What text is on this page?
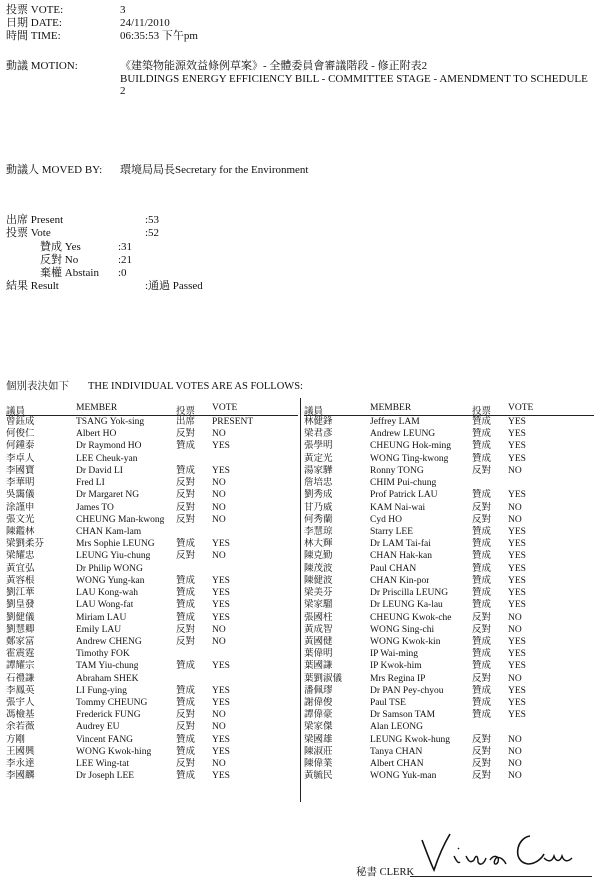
投票 VOTE:	3
日期 DATE:	24/11/2010
時間 TIME:	06:35:53 下午pm
動議 MOTION:	《建築物能源效益條例草案》- 全體委員會審議階段 - 修正附表2
BUILDINGS ENERGY EFFICIENCY BILL - COMMITTEE STAGE - AMENDMENT TO SCHEDULE 2
動議人 MOVED BY: 環境局局長Secretary for the Environment
出席 Present	:53
投票 Vote	:52
贊成 Yes	:31
反對 No	:21
棄權 Abstain :0
結果 Result	:通過 Passed
個別表決如下 THE INDIVIDUAL VOTES ARE AS FOLLOWS:
議員	MEMBER	投票 VOTE
曾鈺成	TSANG Yok-sing	出席 PRESENT
何俊仁	Albert HO	反對 NO
何鍾泰	Dr Raymond HO	贊成 YES
李卓人	LEE Cheuk-yan
李國寶	Dr David LI	贊成 YES
李華明	Fred LI	反對 NO
吳靄儀	Dr Margaret NG	反對 NO
涂謹申	James TO	反對 NO
張文光	CHEUNG Man-kwong 反對 NO
陳鑑林	CHAN Kam-lam
梁劉柔芬	Mrs Sophie LEUNG 贊成 YES
梁耀忠	LEUNG Yiu-chung	反對 NO
黃宜弘	Dr Philip WONG
黃容根	WONG Yung-kan	贊成 YES
劉江華	LAU Kong-wah	贊成 YES
劉皇發	LAU Wong-fat	贊成 YES
劉健儀	Miriam LAU	贊成 YES
劉慧卿	Emily LAU	反對 NO
鄭家富	Andrew CHENG	反對 NO
霍震霆	Timothy FOK
譚耀宗	TAM Yiu-chung	贊成 YES
石禮謙	Abraham SHEK
李鳳英	LI Fung-ying	贊成 YES
張宇人	Tommy CHEUNG	贊成 YES
馮檢基	Frederick FUNG	反對 NO
余若薇	Audrey EU	反對 NO
方剛	Vincent FANG	贊成 YES
王國興	WONG Kwok-hing	贊成 YES
李永達	LEE Wing-tat	反對 NO
李國麟	Dr Joseph LEE	贊成 YES
議員	MEMBER	投票 VOTE
林健鋒	Jeffrey LAM	贊成 YES
梁君彥	Andrew LEUNG	贊成 YES
張學明	CHEUNG Hok-ming 贊成 YES
黃定光	WONG Ting-kwong 贊成 YES
湯家驊	Ronny TONG	反對 NO
詹培忠	CHIM Pui-chung
劉秀成	Prof Patrick LAU	贊成 YES
甘乃威	KAM Nai-wai	反對 NO
何秀蘭	Cyd HO	反對 NO
李慧琼	Starry LEE	贊成 YES
林大輝	Dr LAM Tai-fai	贊成 YES
陳克勤	CHAN Hak-kan	贊成 YES
陳茂波	Paul CHAN	贊成 YES
陳健波	CHAN Kin-por	贊成 YES
梁美芬	Dr Priscilla LEUNG	贊成 YES
梁家騮	Dr LEUNG Ka-lau	贊成 YES
張國柱	CHEUNG Kwok-che 反對 NO
黃成智	WONG Sing-chi	反對 NO
黃國健	WONG Kwok-kin	贊成 YES
葉偉明	IP Wai-ming	贊成 YES
葉國謙	IP Kwok-him	贊成 YES
葉劉淑儀	Mrs Regina IP	反對 NO
潘佩璆	Dr PAN Pey-chyou	贊成 YES
謝偉俊	Paul TSE	贊成 YES
譚偉豪	Dr Samson TAM	贊成 YES
梁家傑	Alan LEONG
梁國雄	LEUNG Kwok-hung 反對 NO
陳淑莊	Tanya CHAN	反對 NO
陳偉業	Albert CHAN	反對 NO
黃毓民	WONG Yuk-man	反對 NO
秘書 CLERK
